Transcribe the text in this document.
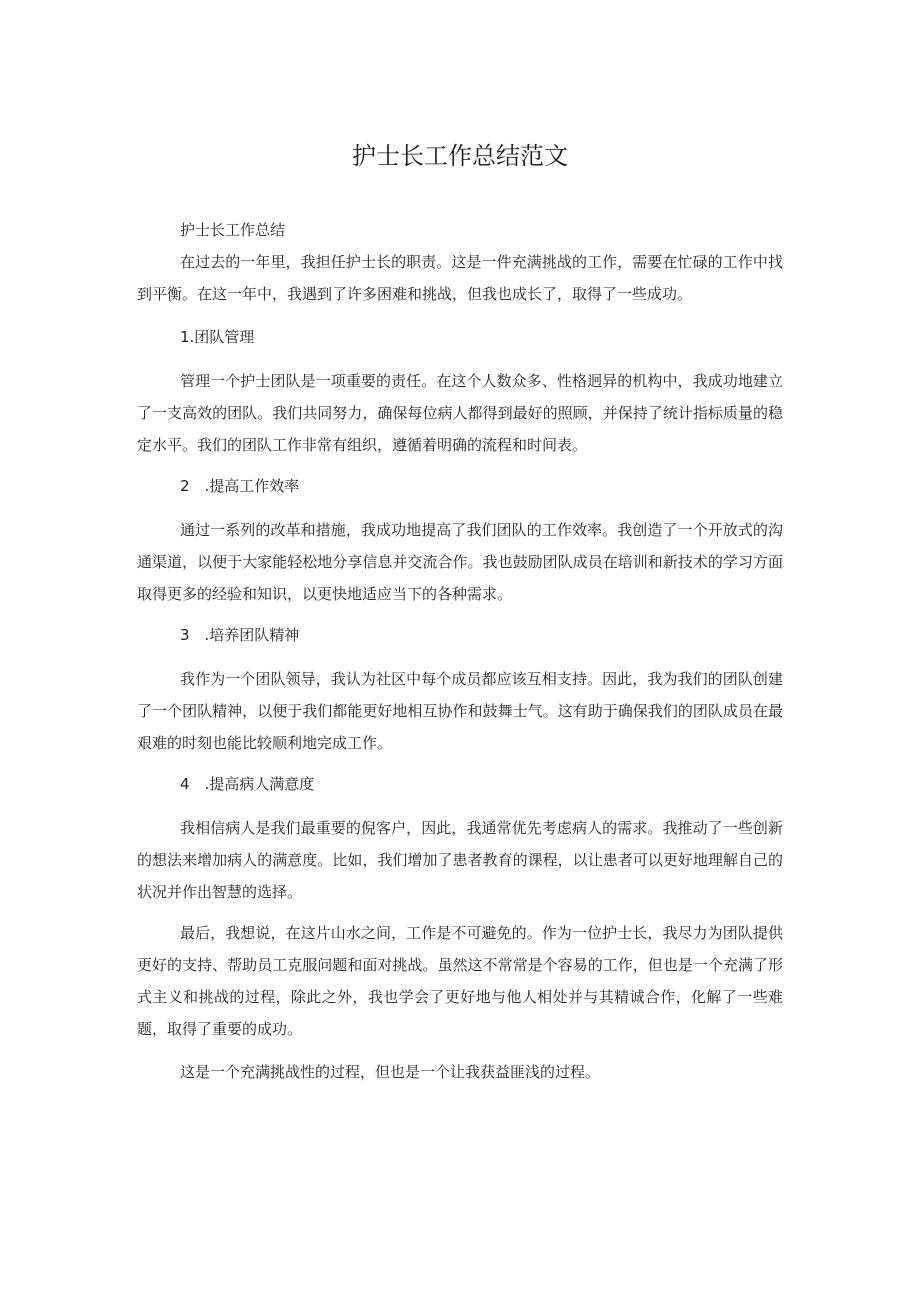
护士长工作总结范文

护士长工作总结

在过去的一年里，我担任护士长的职责。这是一件充满挑战的工作，需要在忙碌的工作中找到平衡。在这一年中，我遇到了许多困难和挑战，但我也成长了，取得了一些成功。

1.团队管理

管理一个护士团队是一项重要的责任。在这个人数众多、性格迥异的机构中，我成功地建立了一支高效的团队。我们共同努力，确保每位病人都得到最好的照顾，并保持了统计指标质量的稳定水平。我们的团队工作非常有组织，遵循着明确的流程和时间表。

2　.提高工作效率

通过一系列的改革和措施，我成功地提高了我们团队的工作效率。我创造了一个开放式的沟通渠道，以便于大家能轻松地分享信息并交流合作。我也鼓励团队成员在培训和新技术的学习方面取得更多的经验和知识，以更快地适应当下的各种需求。

3　.培养团队精神

我作为一个团队领导，我认为社区中每个成员都应该互相支持。因此，我为我们的团队创建了一个团队精神，以便于我们都能更好地相互协作和鼓舞士气。这有助于确保我们的团队成员在最艰难的时刻也能比较顺利地完成工作。

4　.提高病人满意度

我相信病人是我们最重要的倪客户，因此，我通常优先考虑病人的需求。我推动了一些创新的想法来增加病人的满意度。比如，我们增加了患者教育的课程，以让患者可以更好地理解自己的状况并作出智慧的选择。

最后，我想说，在这片山水之间，工作是不可避免的。作为一位护士长，我尽力为团队提供更好的支持、帮助员工克服问题和面对挑战。虽然这不常常是个容易的工作，但也是一个充满了形式主义和挑战的过程，除此之外，我也学会了更好地与他人相处并与其精诚合作，化解了一些难题，取得了重要的成功。

这是一个充满挑战性的过程，但也是一个让我获益匪浅的过程。
